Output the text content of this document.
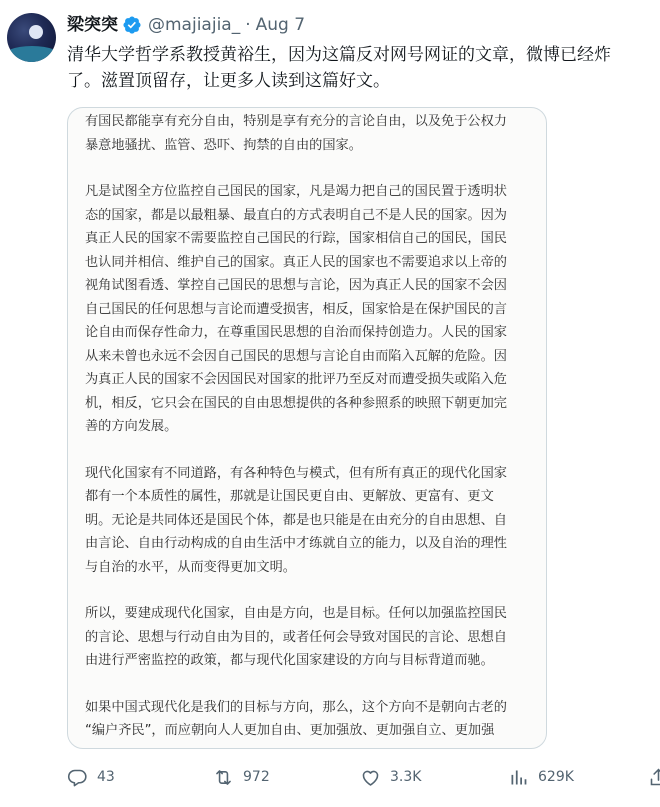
梁突突 @majiajia_ · Aug 7
清华大学哲学系教授黄裕生，因为这篇反对网号网证的文章，微博已经炸
了。滋置顶留存，让更多人读到这篇好文。
有国民都能享有充分自由，特别是享有充分的言论自由，以及免于公权力
暴意地骚扰、监管、恐吓、拘禁的自由的国家。
凡是试图全方位监控自己国民的国家，凡是竭力把自己的国民置于透明状
态的国家，都是以最粗暴、最直白的方式表明自己不是人民的国家。因为
真正人民的国家不需要监控自己国民的行踪，国家相信自己的国民，国民
也认同并相信、维护自己的国家。真正人民的国家也不需要追求以上帝的
视角试图看透、掌控自己国民的思想与言论，因为真正人民的国家不会因
自己国民的任何思想与言论而遭受损害，相反，国家恰是在保护国民的言
论自由而保存性命力，在尊重国民思想的自治而保持创造力。人民的国家
从来未曾也永远不会因自己国民的思想与言论自由而陷入瓦解的危险。因
为真正人民的国家不会因国民对国家的批评乃至反对而遭受损失或陷入危
机，相反，它只会在国民的自由思想提供的各种参照系的映照下朝更加完
善的方向发展。
现代化国家有不同道路，有各种特色与模式，但有所有真正的现代化国家
都有一个本质性的属性，那就是让国民更自由、更解放、更富有、更文
明。无论是共同体还是国民个体，都是也只能是在由充分的自由思想、自
由言论、自由行动构成的自由生活中才练就自立的能力，以及自治的理性
与自治的水平，从而变得更加文明。
所以，要建成现代化国家，自由是方向，也是目标。任何以加强监控国民
的言论、思想与行动自由为目的，或者任何会导致对国民的言论、思想自
由进行严密监控的政策，都与现代化国家建设的方向与目标背道而驰。
如果中国式现代化是我们的目标与方向，那么，这个方向不是朝向古老的
“编户齐民”，而应朝向人人更加自由、更加强放、更加强自立、更加强
43	972	3.3K	629K
